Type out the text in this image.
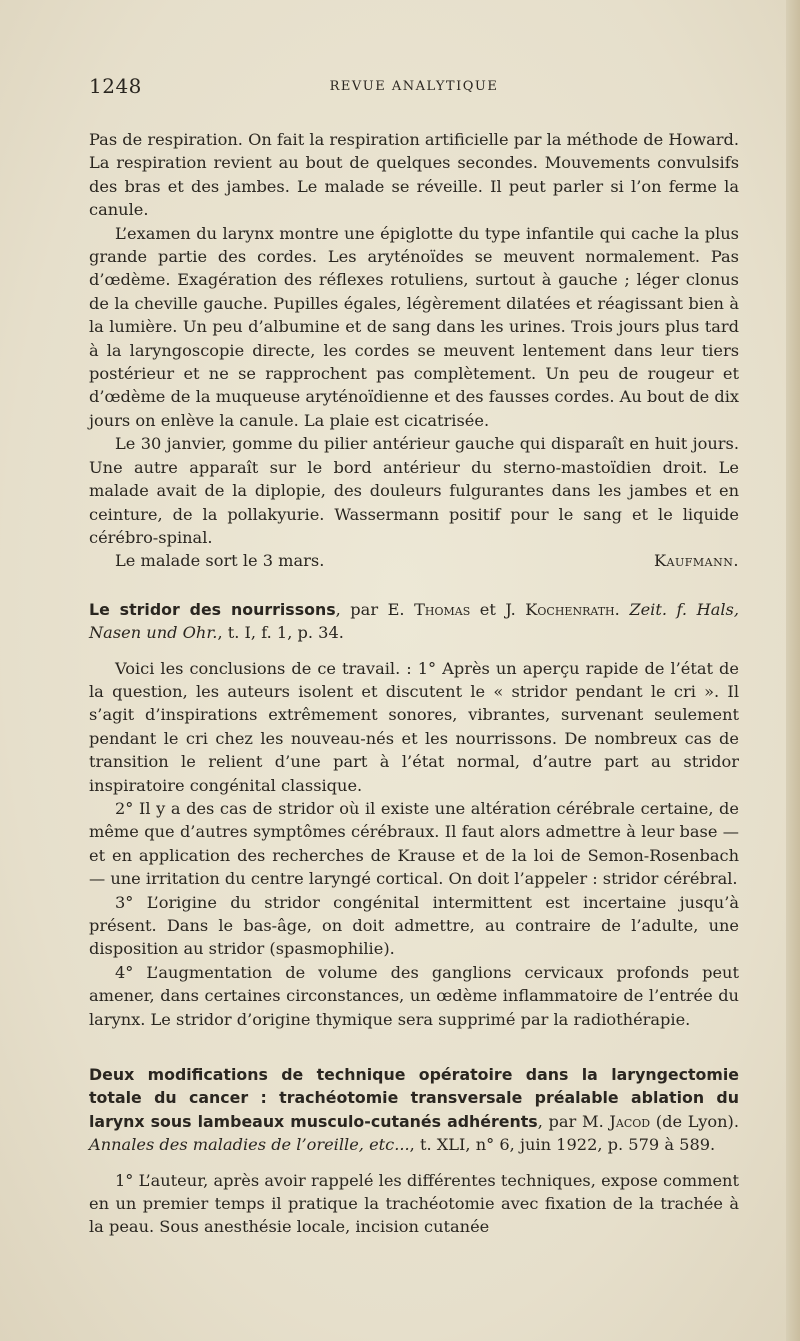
1248	REVUE ANALYTIQUE

Pas de respiration. On fait la respiration artificielle par la méthode de Howard. La respiration revient au bout de quelques secondes. Mouvements convulsifs des bras et des jambes. Le malade se réveille. Il peut parler si l’on ferme la canule.

L’examen du larynx montre une épiglotte du type infantile qui cache la plus grande partie des cordes. Les aryténoïdes se meuvent normalement. Pas d’œdème. Exagération des réflexes rotuliens, surtout à gauche ; léger clonus de la cheville gauche. Pupilles égales, légèrement dilatées et réagissant bien à la lumière. Un peu d’albumine et de sang dans les urines. Trois jours plus tard à la laryngoscopie directe, les cordes se meuvent lentement dans leur tiers postérieur et ne se rapprochent pas complètement. Un peu de rougeur et d’œdème de la muqueuse aryténoïdienne et des fausses cordes. Au bout de dix jours on enlève la canule. La plaie est cicatrisée.

Le 30 janvier, gomme du pilier antérieur gauche qui disparaît en huit jours. Une autre apparaît sur le bord antérieur du sterno-mastoïdien droit. Le malade avait de la diplopie, des douleurs fulgurantes dans les jambes et en ceinture, de la pollakyurie. Wassermann positif pour le sang et le liquide cérébro-spinal.

Le malade sort le 3 mars.	Kaufmann.

Le stridor des nourrissons, par E. Thomas et J. Kochenrath. Zeit. f. Hals, Nasen und Ohr., t. I, f. 1, p. 34.

Voici les conclusions de ce travail. : 1° Après un aperçu rapide de l’état de la question, les auteurs isolent et discutent le « stridor pendant le cri ». Il s’agit d’inspirations extrêmement sonores, vibrantes, survenant seulement pendant le cri chez les nouveau-nés et les nourrissons. De nombreux cas de transition le relient d’une part à l’état normal, d’autre part au stridor inspiratoire congénital classique.

2° Il y a des cas de stridor où il existe une altération cérébrale certaine, de même que d’autres symptômes cérébraux. Il faut alors admettre à leur base — et en application des recherches de Krause et de la loi de Semon-Rosenbach — une irritation du centre laryngé cortical. On doit l’appeler : stridor cérébral.

3° L’origine du stridor congénital intermittent est incertaine jusqu’à présent. Dans le bas-âge, on doit admettre, au contraire de l’adulte, une disposition au stridor (spasmophilie).

4° L’augmentation de volume des ganglions cervicaux profonds peut amener, dans certaines circonstances, un œdème inflammatoire de l’entrée du larynx. Le stridor d’origine thymique sera supprimé par la radiothérapie.

Deux modifications de technique opératoire dans la laryngectomie totale du cancer : trachéotomie transversale préalable ablation du larynx sous lambeaux musculo-cutanés adhérents, par M. Jacod (de Lyon). Annales des maladies de l’oreille, etc..., t. XLI, n° 6, juin 1922, p. 579 à 589.

1° L’auteur, après avoir rappelé les différentes techniques, expose comment en un premier temps il pratique la trachéotomie avec fixation de la trachée à la peau. Sous anesthésie locale, incision cutanée
